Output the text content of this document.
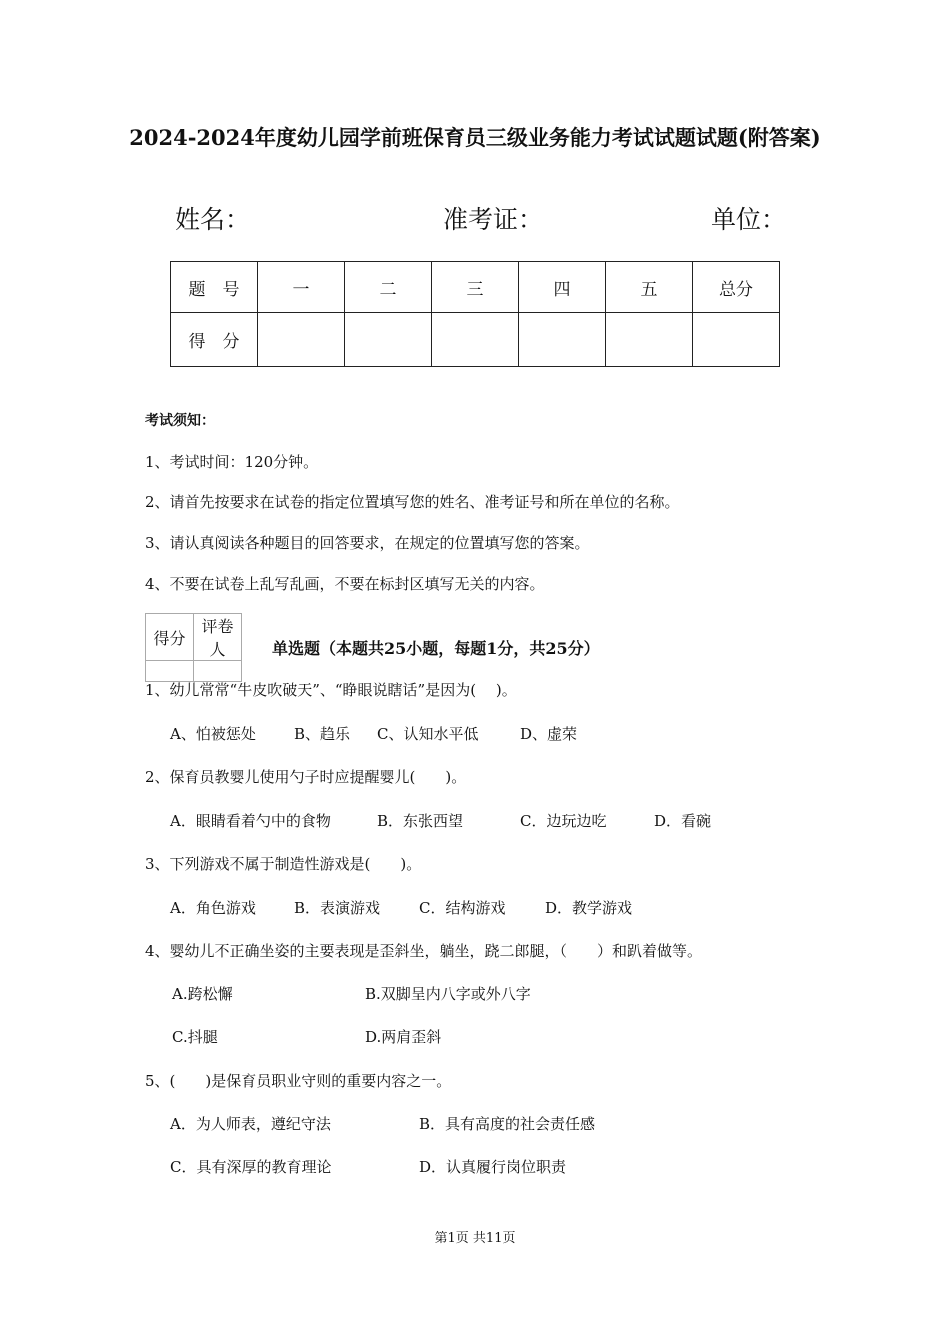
2024-2024年度幼儿园学前班保育员三级业务能力考试试题试题(附答案)
姓名：	准考证：	单位：
题　号	一	二	三	四	五	总分
得　分						
考试须知：
1、考试时间：120分钟。
2、请首先按要求在试卷的指定位置填写您的姓名、准考证号和所在单位的名称。
3、请认真阅读各种题目的回答要求，在规定的位置填写您的答案。
4、不要在试卷上乱写乱画，不要在标封区填写无关的内容。
得分	评卷人
		单选题（本题共25小题，每题1分，共25分）
1、幼儿常常“牛皮吹破天”、“睁眼说瞎话”是因为(　 )。
A、怕被惩处	B、趋乐 C、认知水平低	D、虚荣
2、保育员教婴儿使用勺子时应提醒婴儿(　　)。
A．眼睛看着勺中的食物	B．东张西望	C．边玩边吃	D．看碗
3、下列游戏不属于制造性游戏是(　　)。
A．角色游戏	B．表演游戏	C．结构游戏	D．教学游戏
4、婴幼儿不正确坐姿的主要表现是歪斜坐，躺坐，跷二郎腿，（　　）和趴着做等。
A.跨松懈	B.双脚呈内八字或外八字
C.抖腿	D.两肩歪斜
5、(　　)是保育员职业守则的重要内容之一。
A．为人师表，遵纪守法	B．具有高度的社会责任感
C．具有深厚的教育理论	D．认真履行岗位职责
第1页 共11页
